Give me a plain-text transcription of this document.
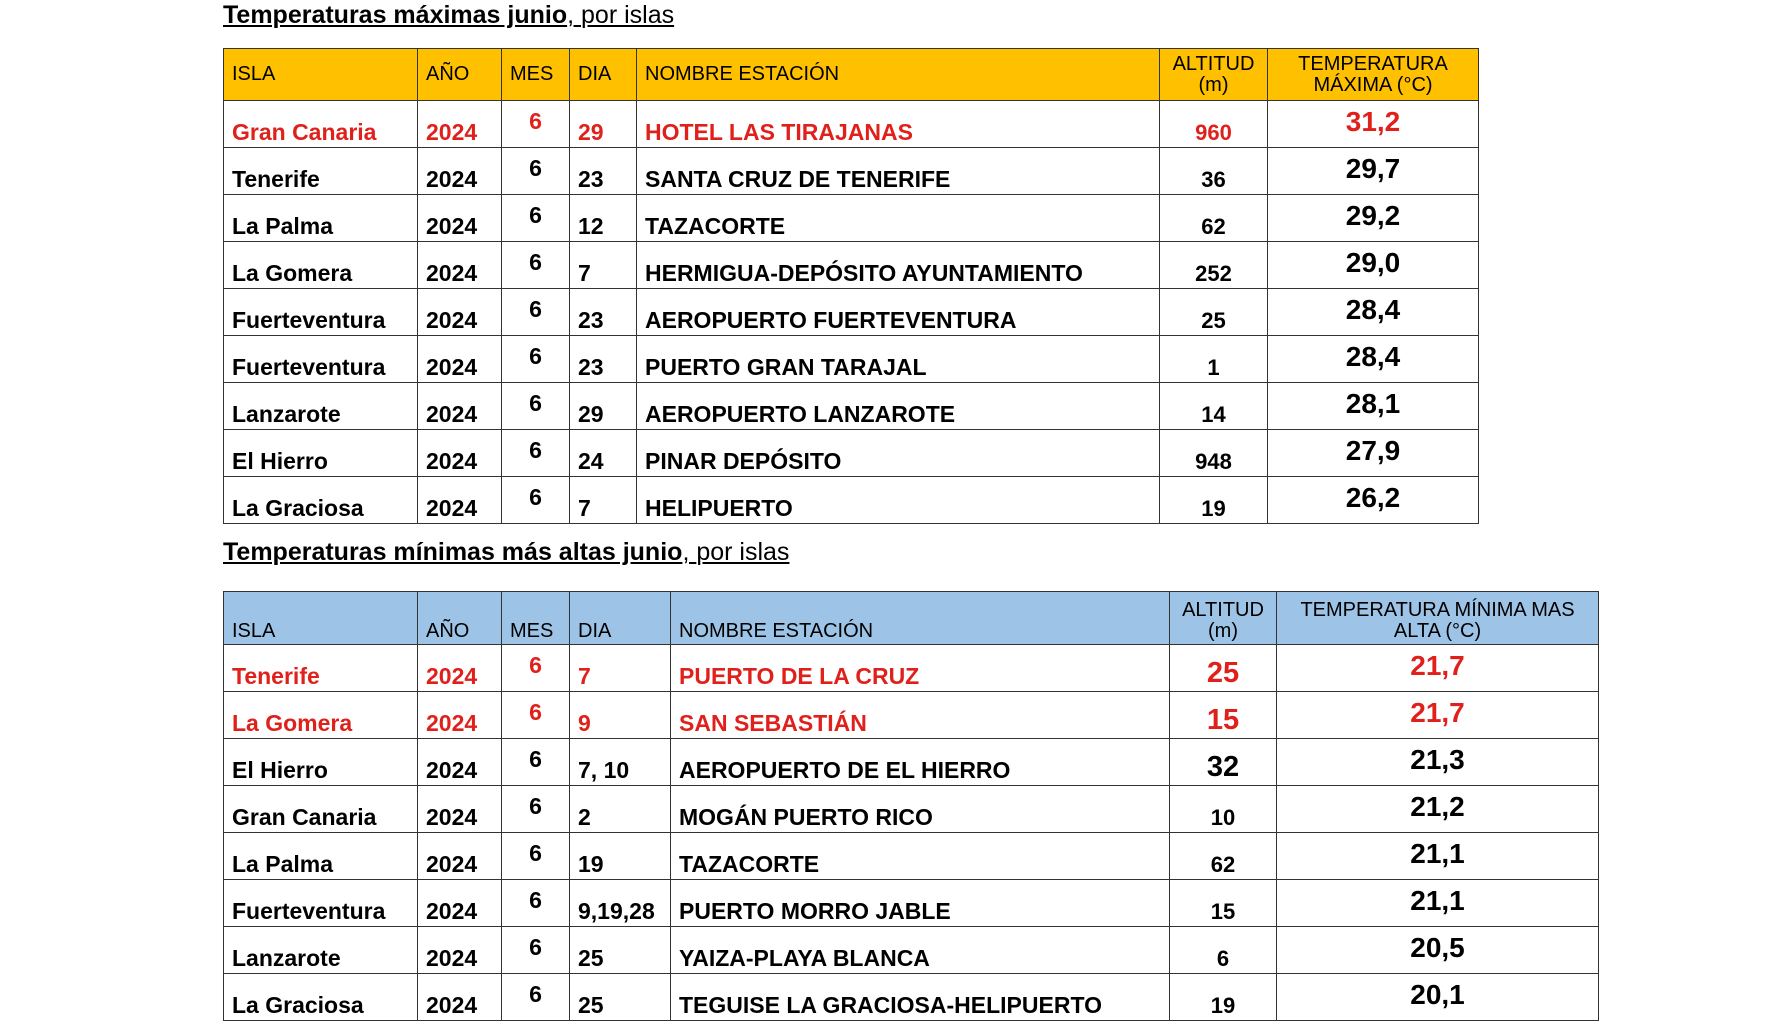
Temperaturas máximas junio, por islas
ISLA	AÑO	MES	DIA	NOMBRE ESTACIÓN	ALTITUD (m)	TEMPERATURA MÁXIMA (°C)
Gran Canaria	2024	6	29	HOTEL LAS TIRAJANAS	960	31,2
Tenerife	2024	6	23	SANTA CRUZ DE TENERIFE	36	29,7
La Palma	2024	6	12	TAZACORTE	62	29,2
La Gomera	2024	6	7	HERMIGUA-DEPÓSITO AYUNTAMIENTO	252	29,0
Fuerteventura	2024	6	23	AEROPUERTO FUERTEVENTURA	25	28,4
Fuerteventura	2024	6	23	PUERTO GRAN TARAJAL	1	28,4
Lanzarote	2024	6	29	AEROPUERTO LANZAROTE	14	28,1
El Hierro	2024	6	24	PINAR DEPÓSITO	948	27,9
La Graciosa	2024	6	7	HELIPUERTO	19	26,2
Temperaturas mínimas más altas junio, por islas
ISLA	AÑO	MES	DIA	NOMBRE ESTACIÓN	ALTITUD (m)	TEMPERATURA MÍNIMA MAS ALTA (°C)
Tenerife	2024	6	7	PUERTO DE LA CRUZ	25	21,7
La Gomera	2024	6	9	SAN SEBASTIÁN	15	21,7
El Hierro	2024	6	7, 10	AEROPUERTO DE EL HIERRO	32	21,3
Gran Canaria	2024	6	2	MOGÁN PUERTO RICO	10	21,2
La Palma	2024	6	19	TAZACORTE	62	21,1
Fuerteventura	2024	6	9,19,28	PUERTO MORRO JABLE	15	21,1
Lanzarote	2024	6	25	YAIZA-PLAYA BLANCA	6	20,5
La Graciosa	2024	6	25	TEGUISE LA GRACIOSA-HELIPUERTO	19	20,1
